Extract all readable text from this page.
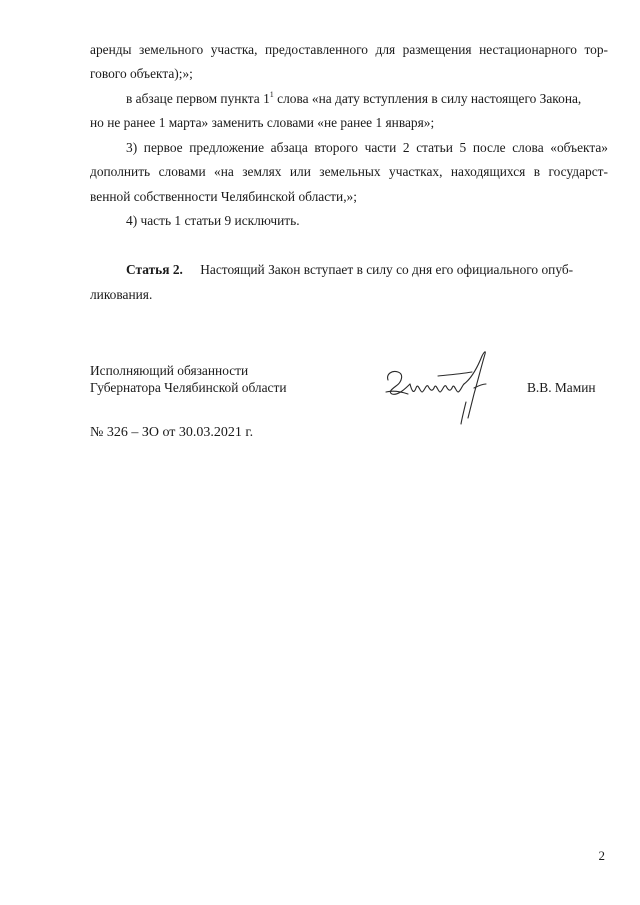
аренды земельного участка, предоставленного для размещения нестационарного тор-
гового объекта);»;
в абзаце первом пункта $1^1$ слова «на дату вступления в силу настоящего Закона,
но не ранее 1 марта» заменить словами «не ранее 1 января»;
3) первое предложение абзаца второго части 2 статьи 5 после слова «объекта»
дополнить словами «на землях или земельных участках, находящихся в государст-
венной собственности Челябинской области,»;
4) часть 1 статьи 9 исключить.
Статья 2. Настоящий Закон вступает в силу со дня его официального опуб-
ликования.
Исполняющий обязанности
Губернатора Челябинской области	В.В. Мамин
№ 326 – ЗО от 30.03.2021 г.
2
